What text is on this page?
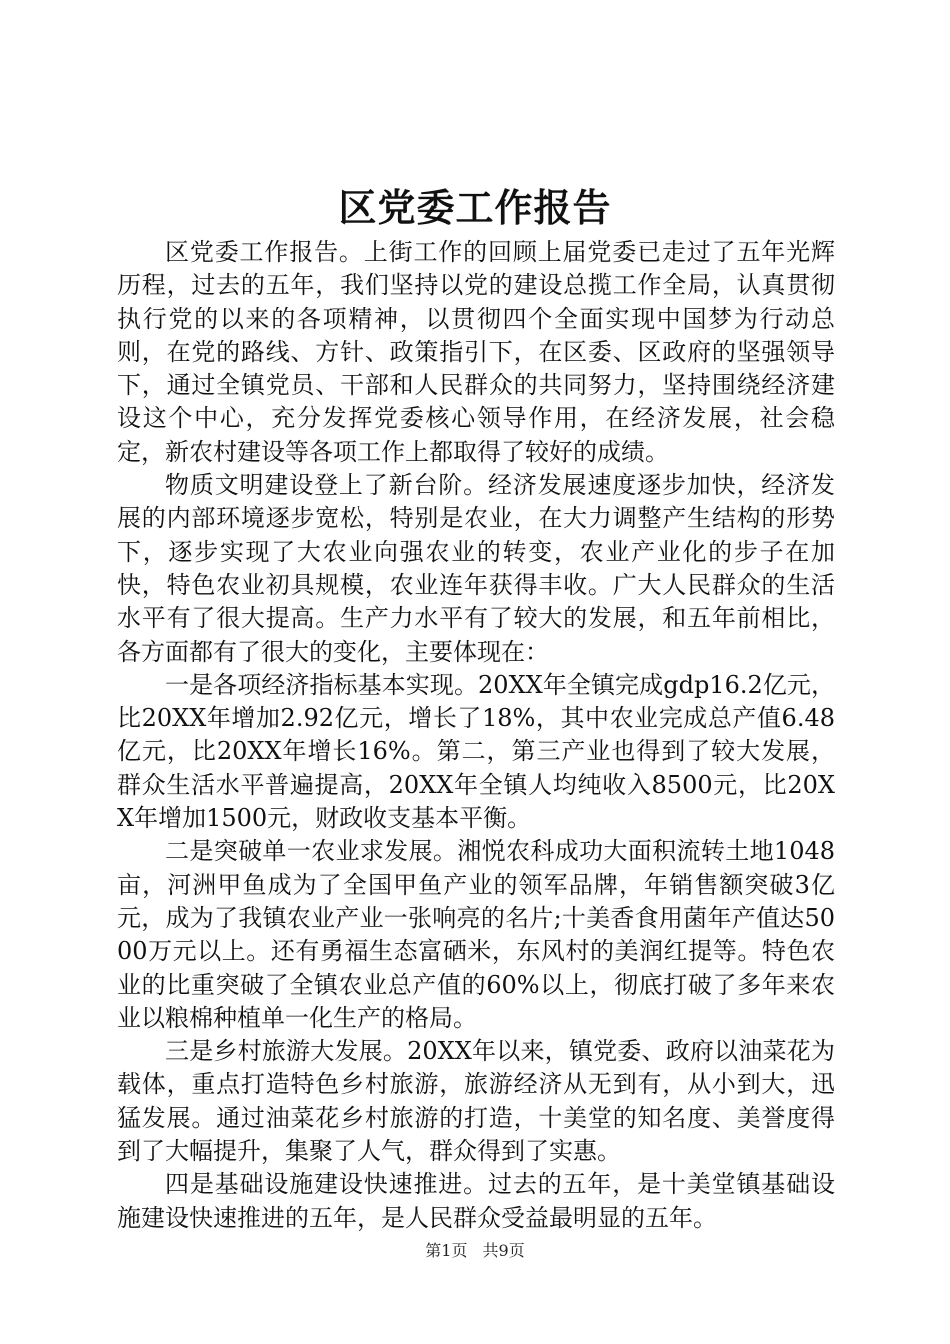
区党委工作报告

区党委工作报告。上街工作的回顾上届党委已走过了五年光辉历程，过去的五年，我们坚持以党的建设总揽工作全局，认真贯彻执行党的以来的各项精神，以贯彻四个全面实现中国梦为行动总则，在党的路线、方针、政策指引下，在区委、区政府的坚强领导下，通过全镇党员、干部和人民群众的共同努力，坚持围绕经济建设这个中心，充分发挥党委核心领导作用，在经济发展，社会稳定，新农村建设等各项工作上都取得了较好的成绩。

物质文明建设登上了新台阶。经济发展速度逐步加快，经济发展的内部环境逐步宽松，特别是农业，在大力调整产生结构的形势下，逐步实现了大农业向强农业的转变，农业产业化的步子在加快，特色农业初具规模，农业连年获得丰收。广大人民群众的生活水平有了很大提高。生产力水平有了较大的发展，和五年前相比，各方面都有了很大的变化，主要体现在：

一是各项经济指标基本实现。20XX年全镇完成gdp16.2亿元，比20XX年增加2.92亿元，增长了18%，其中农业完成总产值6.48亿元，比20XX年增长16%。第二，第三产业也得到了较大发展，群众生活水平普遍提高，20XX年全镇人均纯收入8500元，比20XX年增加1500元，财政收支基本平衡。

二是突破单一农业求发展。湘悦农科成功大面积流转土地1048亩，河洲甲鱼成为了全国甲鱼产业的领军品牌，年销售额突破3亿元，成为了我镇农业产业一张响亮的名片;十美香食用菌年产值达5000万元以上。还有勇福生态富硒米，东风村的美润红提等。特色农业的比重突破了全镇农业总产值的60%以上，彻底打破了多年来农业以粮棉种植单一化生产的格局。

三是乡村旅游大发展。20XX年以来，镇党委、政府以油菜花为载体，重点打造特色乡村旅游，旅游经济从无到有，从小到大，迅猛发展。通过油菜花乡村旅游的打造，十美堂的知名度、美誉度得到了大幅提升，集聚了人气，群众得到了实惠。

四是基础设施建设快速推进。过去的五年，是十美堂镇基础设施建设快速推进的五年，是人民群众受益最明显的五年。

第1页 共9页
